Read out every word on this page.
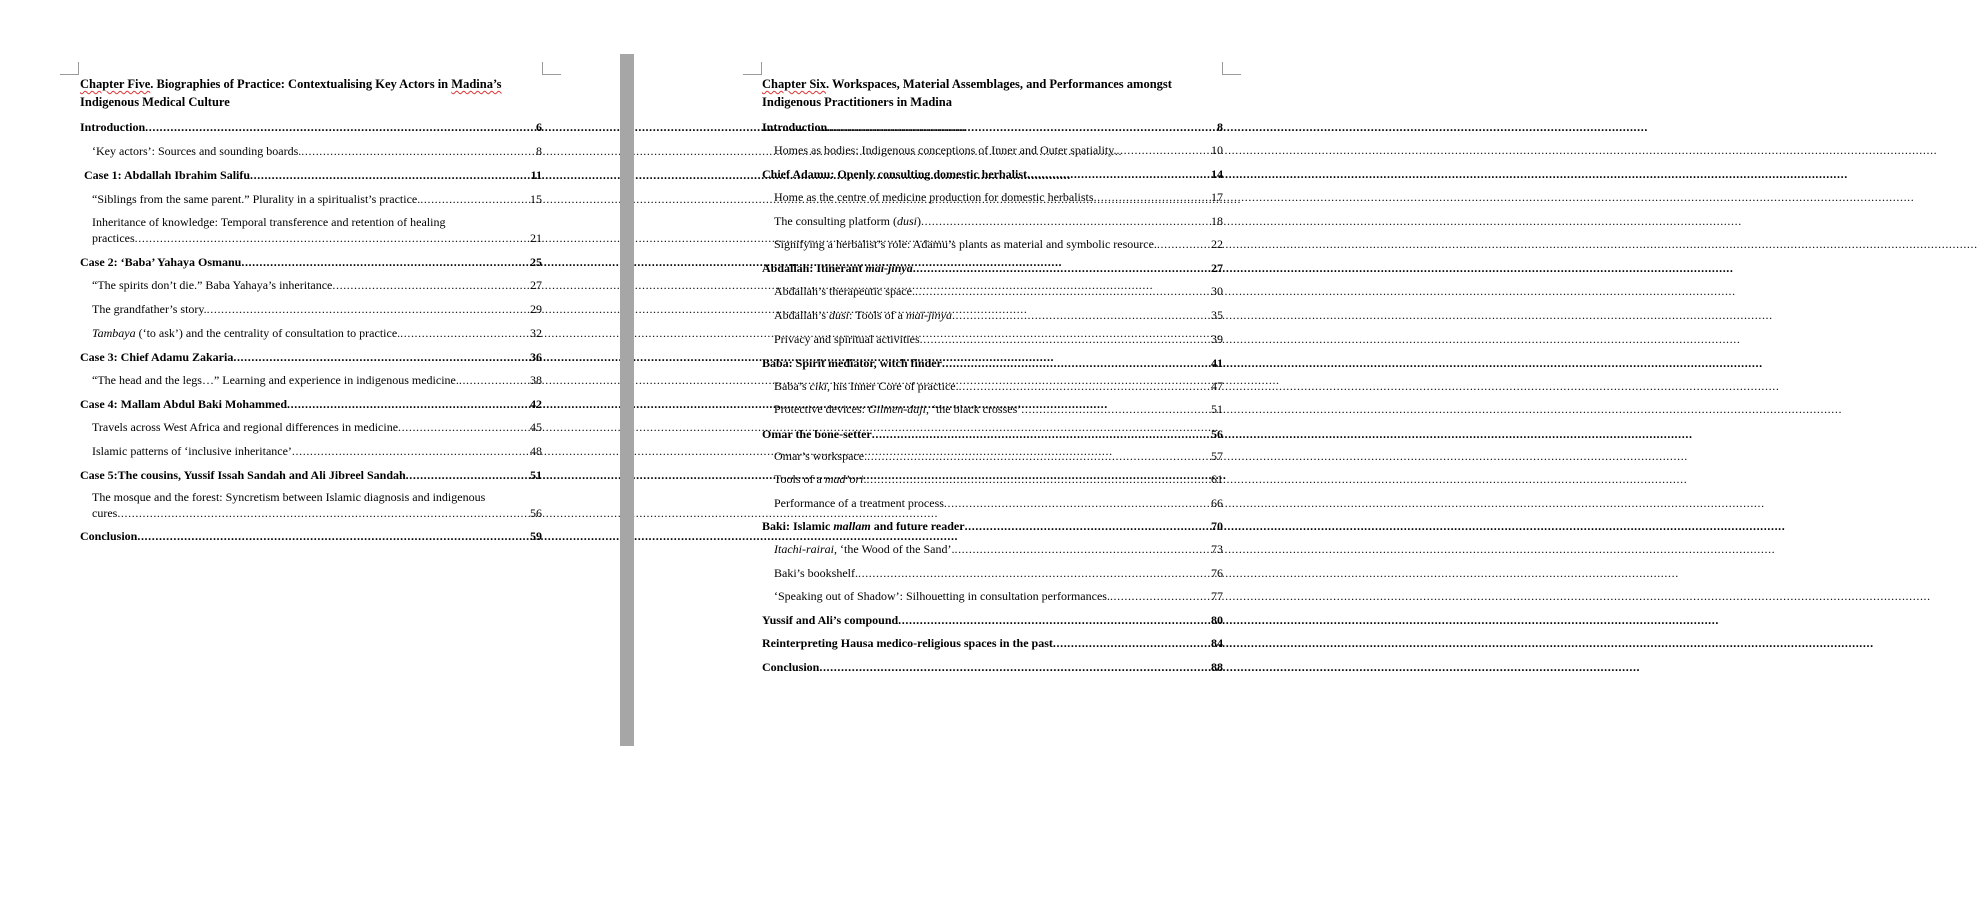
Chapter Five. Biographies of Practice: Contextualising Key Actors in Madina’s
Indigenous Medical Culture
Introduction .....	6
‘Key actors’: Sources and sounding boards. .....	8
Case 1: Abdallah Ibrahim Salifu .....	11
“Siblings from the same parent.” Plurality in a spiritualist’s practice. .....	15
Inheritance of knowledge: Temporal transference and retention of healing
practices .....	21
Case 2: ‘Baba’ Yahaya Osmanu .....	25
“The spirits don’t die.” Baba Yahaya’s inheritance .....	27
The grandfather’s story. .....	29
Tambaya (‘to ask’) and the centrality of consultation to practice. .....	32
Case 3: Chief Adamu Zakaria .....	36
“The head and the legs…” Learning and experience in indigenous medicine. .....	38
Case 4: Mallam Abdul Baki Mohammed .....	42
Travels across West Africa and regional differences in medicine .....	45
Islamic patterns of ‘inclusive inheritance’ .....	48
Case 5:The cousins, Yussif Issah Sandah and Ali Jibreel Sandah .....	51
The mosque and the forest: Syncretism between Islamic diagnosis and indigenous
cures .....	56
Conclusion .....	59
Chapter Six. Workspaces, Material Assemblages, and Performances amongst
Indigenous Practitioners in Madina
Introduction .....	8
Homes as bodies: Indigenous conceptions of Inner and Outer spatiality. .....	10
Chief Adamu: Openly consulting domestic herbalist .....	14
Home as the centre of medicine production for domestic herbalists .....	17
The consulting platform (dusi) .....	18
Signifying a herbalist’s role: Adamu’s plants as material and symbolic resource. .....	22
Abdallah: Itinerant mai-jinya .....	27
Abdallah’s therapeutic space. .....	30
Abdallah’s dusi: Tools of a mai-jinya .....	35
Privacy and spiritual activities .....	39
Baba: Spirit mediator, witch finder .....	41
Baba’s ciki, his Inner Core of practice. .....	47
Protective devices: Gilmen-daji, ‘the black crosses’ .....	51
Omar the bone-setter .....	56
Omar’s workspace. .....	57
Tools of a mad’ori. .....	61
Performance of a treatment process .....	66
Baki: Islamic mallam and future reader .....	70
Itachi-rairai, ‘the Wood of the Sand’. .....	73
Baki’s bookshelf. .....	76
‘Speaking out of Shadow’: Silhouetting in consultation performances. .....	77
Yussif and Ali’s compound .....	80
Reinterpreting Hausa medico-religious spaces in the past .....	84
Conclusion .....	88
